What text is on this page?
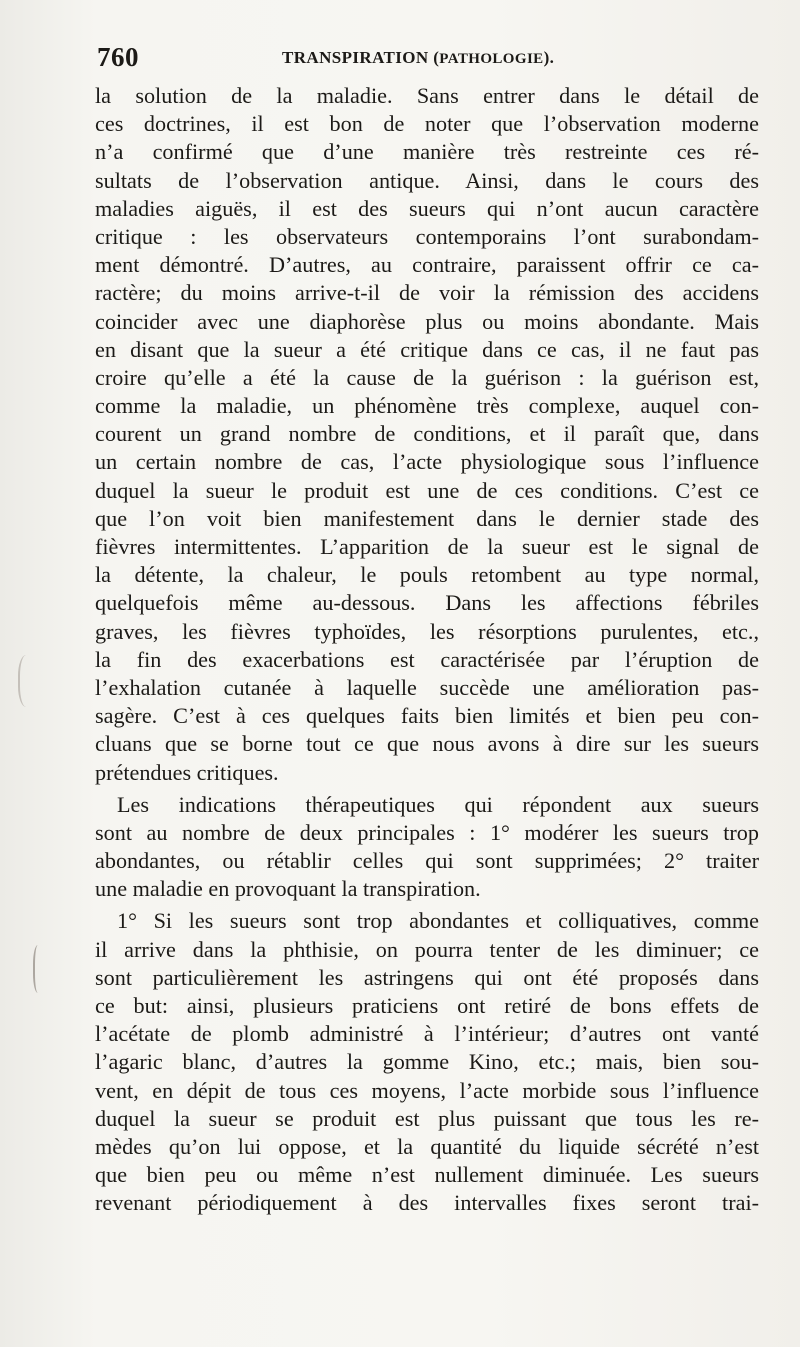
760	TRANSPIRATION (PATHOLOGIE).
la solution de la maladie. Sans entrer dans le détail de
ces doctrines, il est bon de noter que l’observation moderne
n’a confirmé que d’une manière très restreinte ces ré-
sultats de l’observation antique. Ainsi, dans le cours des
maladies aiguës, il est des sueurs qui n’ont aucun caractère
critique : les observateurs contemporains l’ont surabondam-
ment démontré. D’autres, au contraire, paraissent offrir ce ca-
ractère; du moins arrive-t-il de voir la rémission des accidens
coincider avec une diaphorèse plus ou moins abondante. Mais
en disant que la sueur a été critique dans ce cas, il ne faut pas
croire qu’elle a été la cause de la guérison : la guérison est,
comme la maladie, un phénomène très complexe, auquel con-
courent un grand nombre de conditions, et il paraît que, dans
un certain nombre de cas, l’acte physiologique sous l’influence
duquel la sueur le produit est une de ces conditions. C’est ce
que l’on voit bien manifestement dans le dernier stade des
fièvres intermittentes. L’apparition de la sueur est le signal de
la détente, la chaleur, le pouls retombent au type normal,
quelquefois même au-dessous. Dans les affections fébriles
graves, les fièvres typhoïdes, les résorptions purulentes, etc.,
la fin des exacerbations est caractérisée par l’éruption de
l’exhalation cutanée à laquelle succède une amélioration pas-
sagère. C’est à ces quelques faits bien limités et bien peu con-
cluans que se borne tout ce que nous avons à dire sur les sueurs
prétendues critiques.
Les indications thérapeutiques qui répondent aux sueurs
sont au nombre de deux principales : 1° modérer les sueurs trop
abondantes, ou rétablir celles qui sont supprimées; 2° traiter
une maladie en provoquant la transpiration.
1° Si les sueurs sont trop abondantes et colliquatives, comme
il arrive dans la phthisie, on pourra tenter de les diminuer; ce
sont particulièrement les astringens qui ont été proposés dans
ce but: ainsi, plusieurs praticiens ont retiré de bons effets de
l’acétate de plomb administré à l’intérieur; d’autres ont vanté
l’agaric blanc, d’autres la gomme Kino, etc.; mais, bien sou-
vent, en dépit de tous ces moyens, l’acte morbide sous l’influence
duquel la sueur se produit est plus puissant que tous les re-
mèdes qu’on lui oppose, et la quantité du liquide sécrété n’est
que bien peu ou même n’est nullement diminuée. Les sueurs
revenant périodiquement à des intervalles fixes seront trai-
